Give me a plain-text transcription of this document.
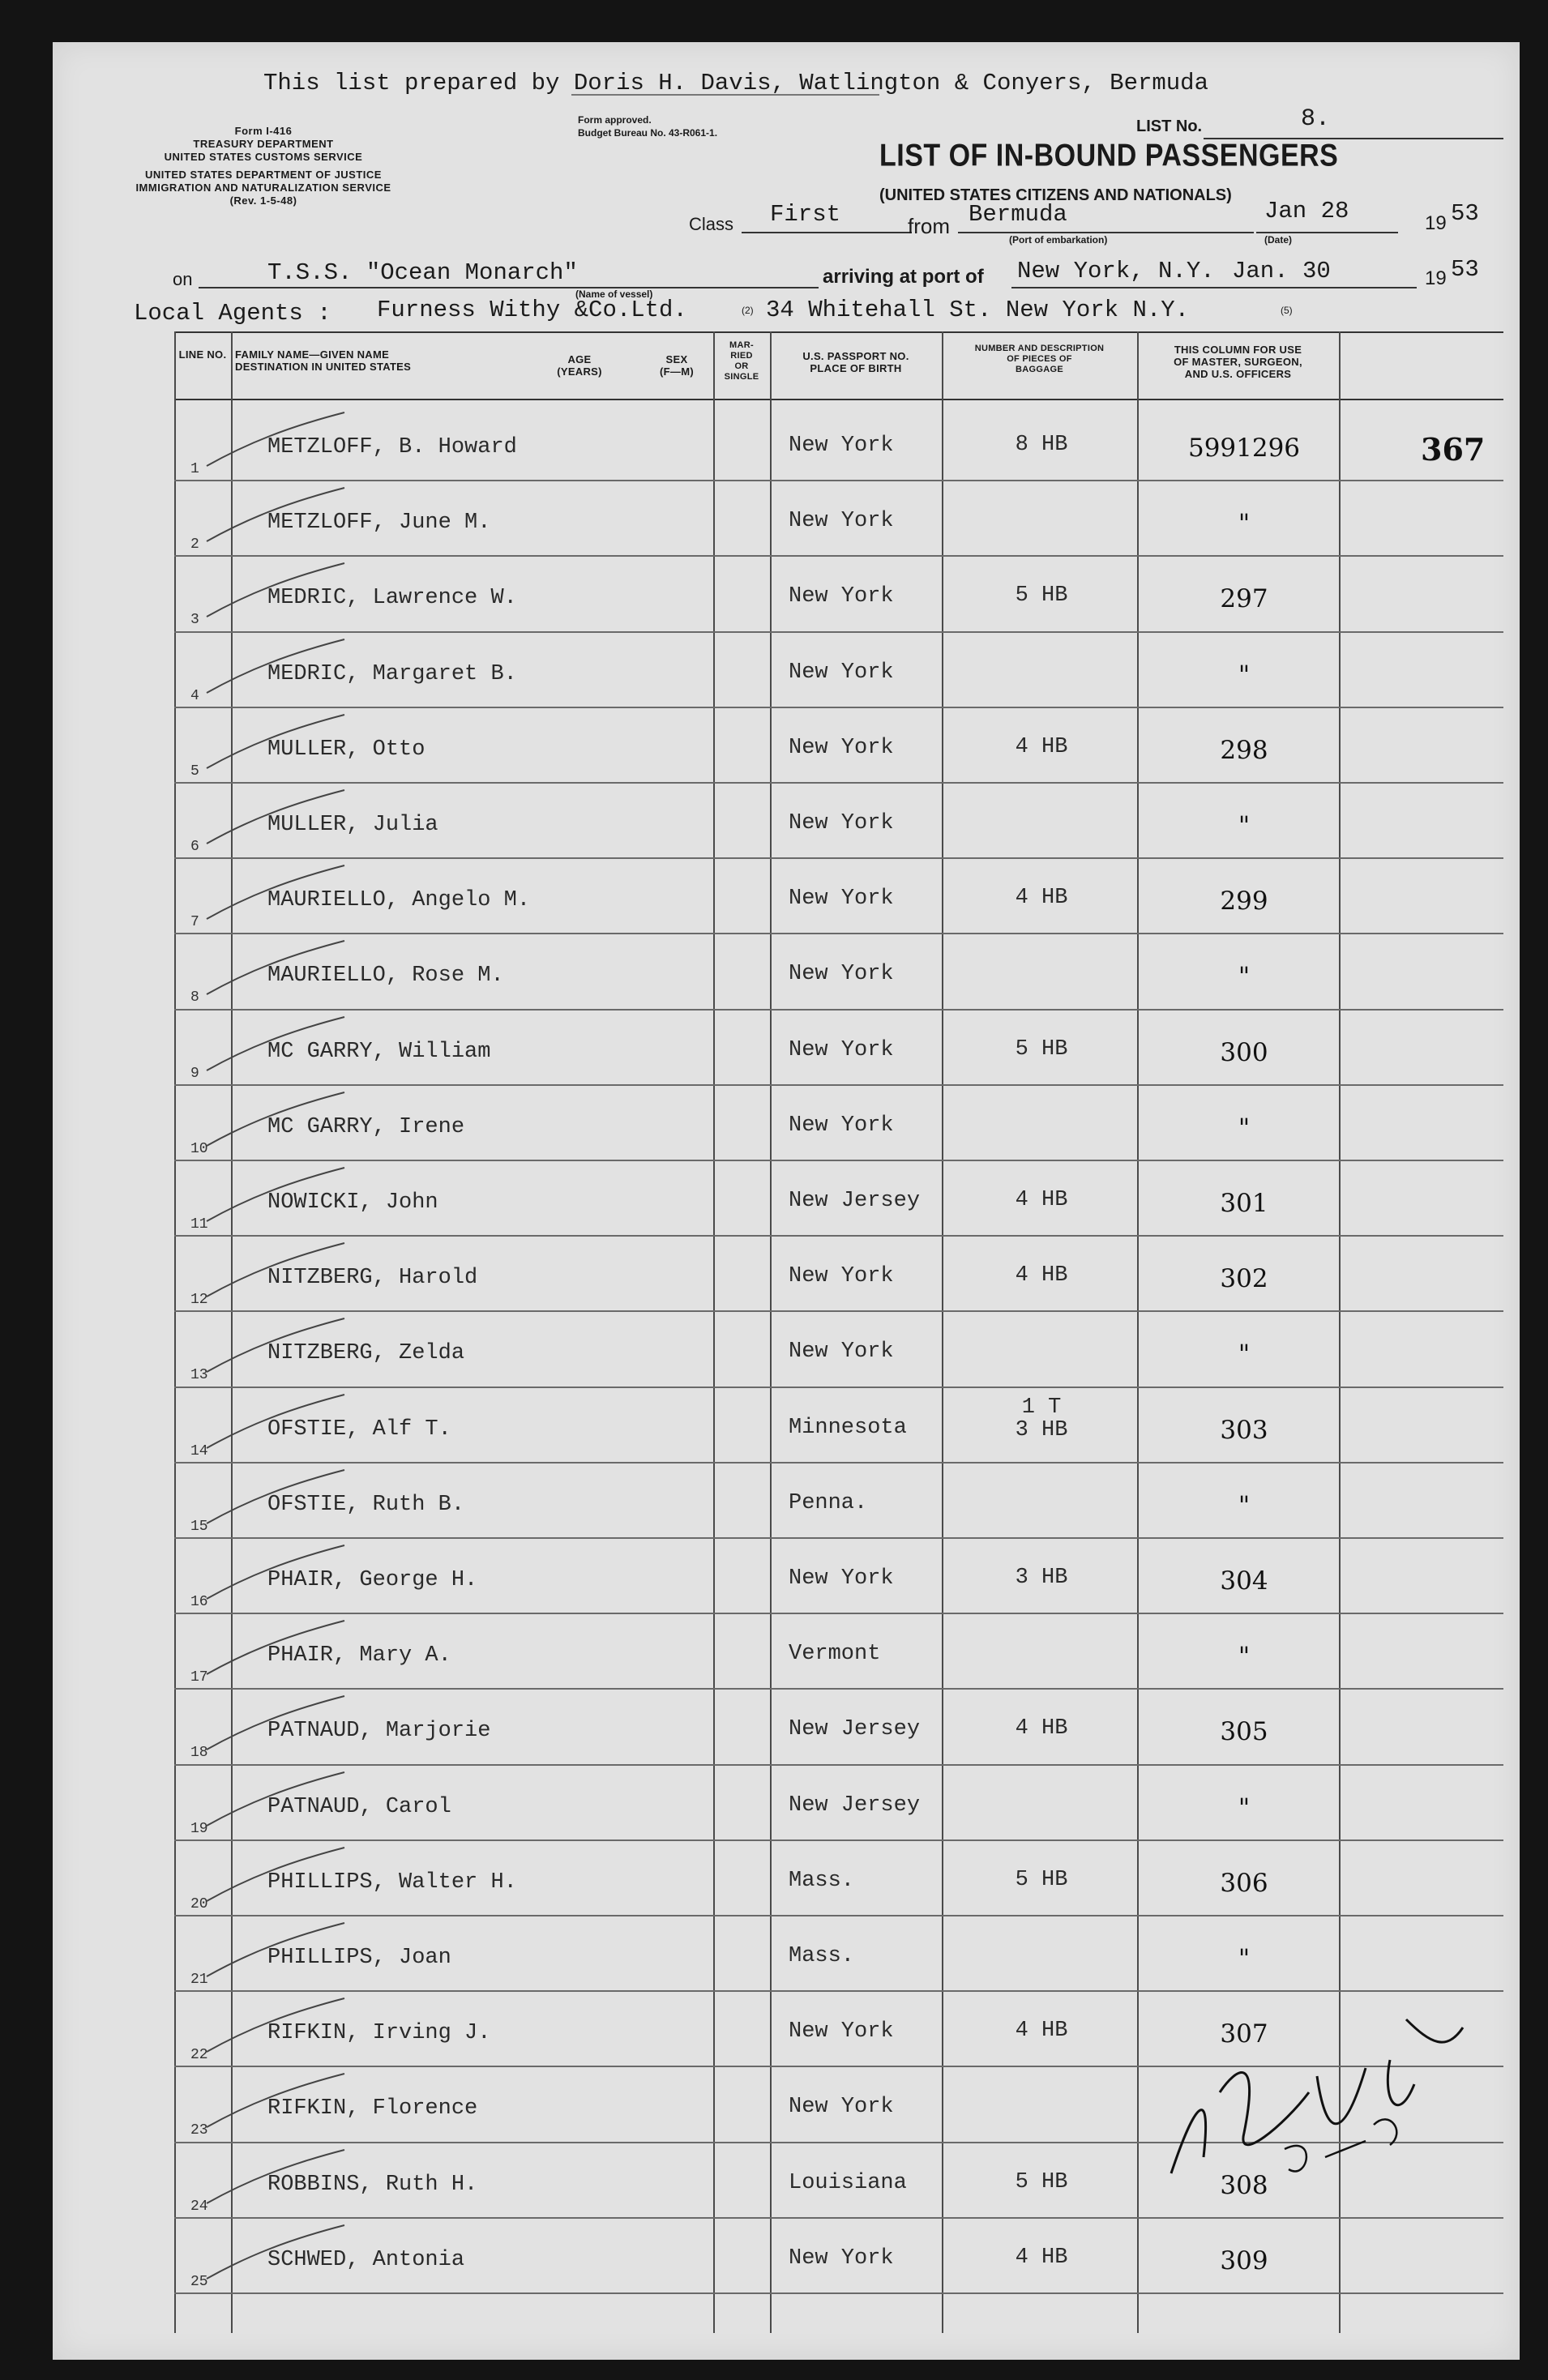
This list prepared by Doris H. Davis, Watlington & Conyers, Bermuda
Form I-416
TREASURY DEPARTMENT
UNITED STATES CUSTOMS SERVICE
UNITED STATES DEPARTMENT OF JUSTICE
IMMIGRATION AND NATURALIZATION SERVICE
(Rev. 1-5-48)
Form approved.
Budget Bureau No. 43-R061-1.	LIST No.	8.
LIST OF IN-BOUND PASSENGERS
(UNITED STATES CITIZENS AND NATIONALS)
Class First	from Bermuda
(Port of embarkation)
Jan 28
(Date)
19 53
on	T.S.S. "Ocean Monarch"
(Name of vessel)
arriving at port of New York, N.Y. Jan. 30	19 53
Local Agents : Furness Withy &Co.Ltd.	(2) 34 Whitehall St. New York N.Y.	(5)
LINE NO. FAMILY NAME—GIVEN NAME
DESTINATION IN UNITED STATES
AGE
(YEARS)
SEX
(F—M)
MAR-
RIED
OR
SINGLE
U.S. PASSPORT NO.
PLACE OF BIRTH
NUMBER AND DESCRIPTION
OF PIECES OF
BAGGAGE
THIS COLUMN FOR USE
OF MASTER, SURGEON,
AND U.S. OFFICERS
367
1
METZLOFF, B. Howard	New York	8 HB	5991296
2
METZLOFF, June M.	New York	"
3
MEDRIC, Lawrence W.	New York	5 HB	297
4
MEDRIC, Margaret B.	New York	"
5
MULLER, Otto	New York	4 HB	298
6
MULLER, Julia	New York	"
7
MAURIELLO, Angelo M.	New York	4 HB	299
8
MAURIELLO, Rose M.	New York	"
9
MC GARRY, William	New York	5 HB	300
10
MC GARRY, Irene	New York	"
11
NOWICKI, John	New Jersey	4 HB	301
12
NITZBERG, Harold	New York	4 HB	302
13
NITZBERG, Zelda	New York	"
14
OFSTIE, Alf T.	Minnesota
1 T
3 HB	303
15
OFSTIE, Ruth B.	Penna.	"
16
PHAIR, George H.	New York	3 HB	304
17
PHAIR, Mary A.	Vermont	"
18
PATNAUD, Marjorie	New Jersey	4 HB	305
19
PATNAUD, Carol	New Jersey	"
20
PHILLIPS, Walter H.	Mass.	5 HB	306
21
PHILLIPS, Joan	Mass.	"
22
RIFKIN, Irving J.	New York	4 HB	307
23
RIFKIN, Florence	New York
24
ROBBINS, Ruth H.	Louisiana	5 HB	308
25
SCHWED, Antonia	New York	4 HB	309
